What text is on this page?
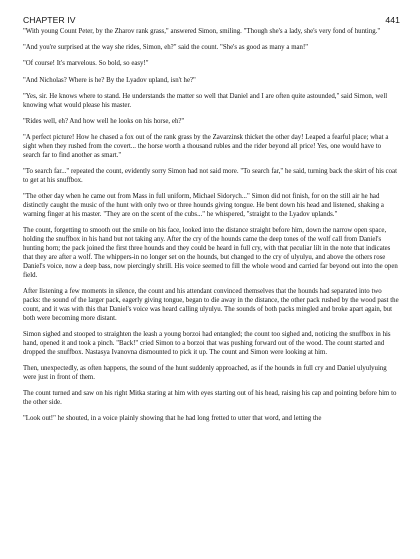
CHAPTER IV	441

"With young Count Peter, by the Zharov rank grass," answered Simon, smiling. "Though she's a lady, she's very fond of hunting."

"And you're surprised at the way she rides, Simon, eh?" said the count. "She's as good as many a man!"

"Of course! It's marvelous. So bold, so easy!"

"And Nicholas? Where is he? By the Lyadov upland, isn't he?"

"Yes, sir. He knows where to stand. He understands the matter so well that Daniel and I are often quite astounded," said Simon, well knowing what would please his master.

"Rides well, eh? And how well he looks on his horse, eh?"

"A perfect picture! How he chased a fox out of the rank grass by the Zavarzinsk thicket the other day! Leaped a fearful place; what a sight when they rushed from the covert... the horse worth a thousand rubles and the rider beyond all price! Yes, one would have to search far to find another as smart."

"To search far..." repeated the count, evidently sorry Simon had not said more. "To search far," he said, turning back the skirt of his coat to get at his snuffbox.

"The other day when he came out from Mass in full uniform, Michael Sidorych..." Simon did not finish, for on the still air he had distinctly caught the music of the hunt with only two or three hounds giving tongue. He bent down his head and listened, shaking a warning finger at his master. "They are on the scent of the cubs..." he whispered, "straight to the Lyadov uplands."

The count, forgetting to smooth out the smile on his face, looked into the distance straight before him, down the narrow open space, holding the snuffbox in his hand but not taking any. After the cry of the hounds came the deep tones of the wolf call from Daniel's hunting horn; the pack joined the first three hounds and they could be heard in full cry, with that peculiar lilt in the note that indicates that they are after a wolf. The whippers-in no longer set on the hounds, but changed to the cry of ulyulyu, and above the others rose Daniel's voice, now a deep bass, now piercingly shrill. His voice seemed to fill the whole wood and carried far beyond out into the open field.

After listening a few moments in silence, the count and his attendant convinced themselves that the hounds had separated into two packs: the sound of the larger pack, eagerly giving tongue, began to die away in the distance, the other pack rushed by the wood past the count, and it was with this that Daniel's voice was heard calling ulyulyu. The sounds of both packs mingled and broke apart again, but both were becoming more distant.

Simon sighed and stooped to straighten the leash a young borzoi had entangled; the count too sighed and, noticing the snuffbox in his hand, opened it and took a pinch. "Back!" cried Simon to a borzoi that was pushing forward out of the wood. The count started and dropped the snuffbox. Nastasya Ivanovna dismounted to pick it up. The count and Simon were looking at him.

Then, unexpectedly, as often happens, the sound of the hunt suddenly approached, as if the hounds in full cry and Daniel ulyulyuing were just in front of them.

The count turned and saw on his right Mitka staring at him with eyes starting out of his head, raising his cap and pointing before him to the other side.

"Look out!" he shouted, in a voice plainly showing that he had long fretted to utter that word, and letting the
